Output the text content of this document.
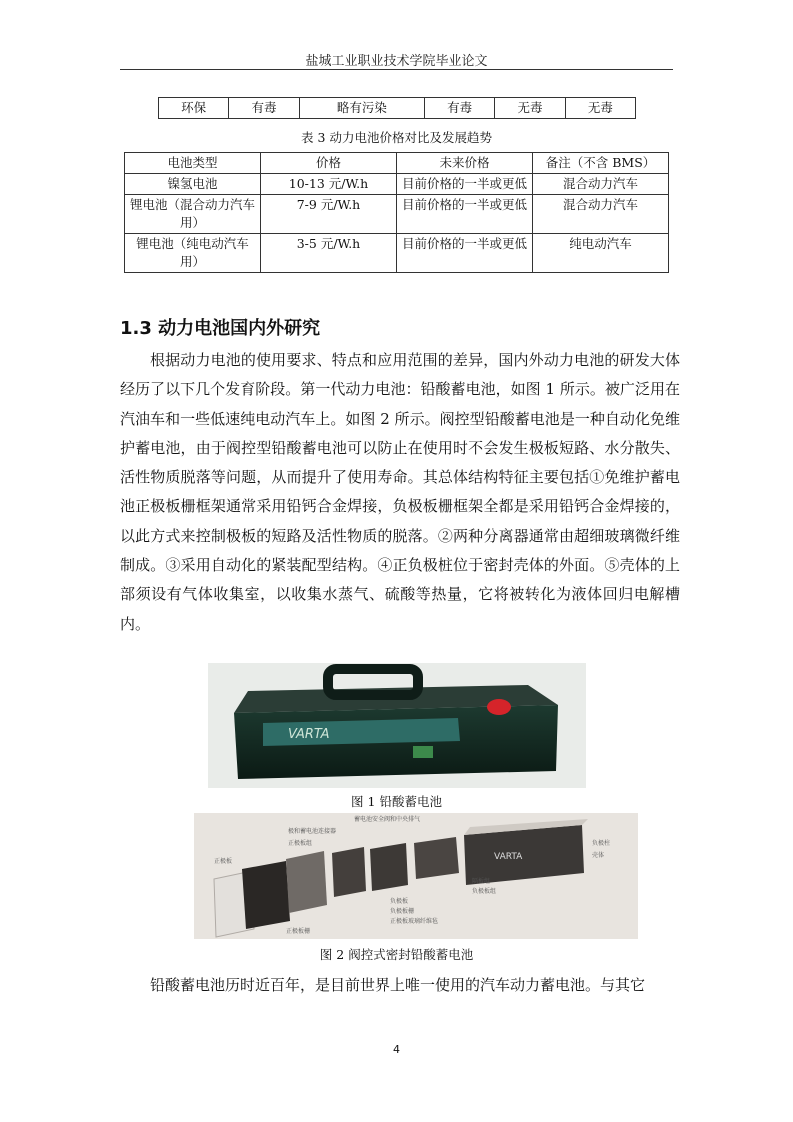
盐城工业职业技术学院毕业论文
环保	有毒	略有污染	有毒	无毒	无毒
表 3 动力电池价格对比及发展趋势
电池类型	价格	未来价格	备注（不含 BMS）
镍氢电池	10-13 元/W.h	目前价格的一半或更低	混合动力汽车
锂电池（混合动力汽车用）	7-9 元/W.h	目前价格的一半或更低	混合动力汽车
锂电池（纯电动汽车用）	3-5 元/W.h	目前价格的一半或更低	纯电动汽车
1.3 动力电池国内外研究

根据动力电池的使用要求、特点和应用范围的差异，国内外动力电池的研发大体经历了以下几个发育阶段。第一代动力电池：铅酸蓄电池，如图 1 所示。被广泛用在汽油车和一些低速纯电动汽车上。如图 2 所示。阀控型铅酸蓄电池是一种自动化免维护蓄电池，由于阀控型铅酸蓄电池可以防止在使用时不会发生极板短路、水分散失、活性物质脱落等问题，从而提升了使用寿命。其总体结构特征主要包括①免维护蓄电池正极板栅框架通常采用铅钙合金焊接，负极板栅框架全都是采用铅钙合金焊接的，以此方式来控制极板的短路及活性物质的脱落。②两种分离器通常由超细玻璃微纤维制成。③采用自动化的紧装配型结构。④正负极桩位于密封壳体的外面。⑤壳体的上部须设有气体收集室，以收集水蒸气、硫酸等热量，它将被转化为液体回归电解槽内。

VARTA
图 1 铅酸蓄电池
VARTA
蓄电池安全阀和中央排气
极和蓄电池连接器
正极板组
正极板
负极柱
壳体
隔板组
负极板组
负极板
负极板栅
正极板玻璃纤维毡
正极板栅
图 2 阀控式密封铅酸蓄电池

铅酸蓄电池历时近百年，是目前世界上唯一使用的汽车动力蓄电池。与其它

4
